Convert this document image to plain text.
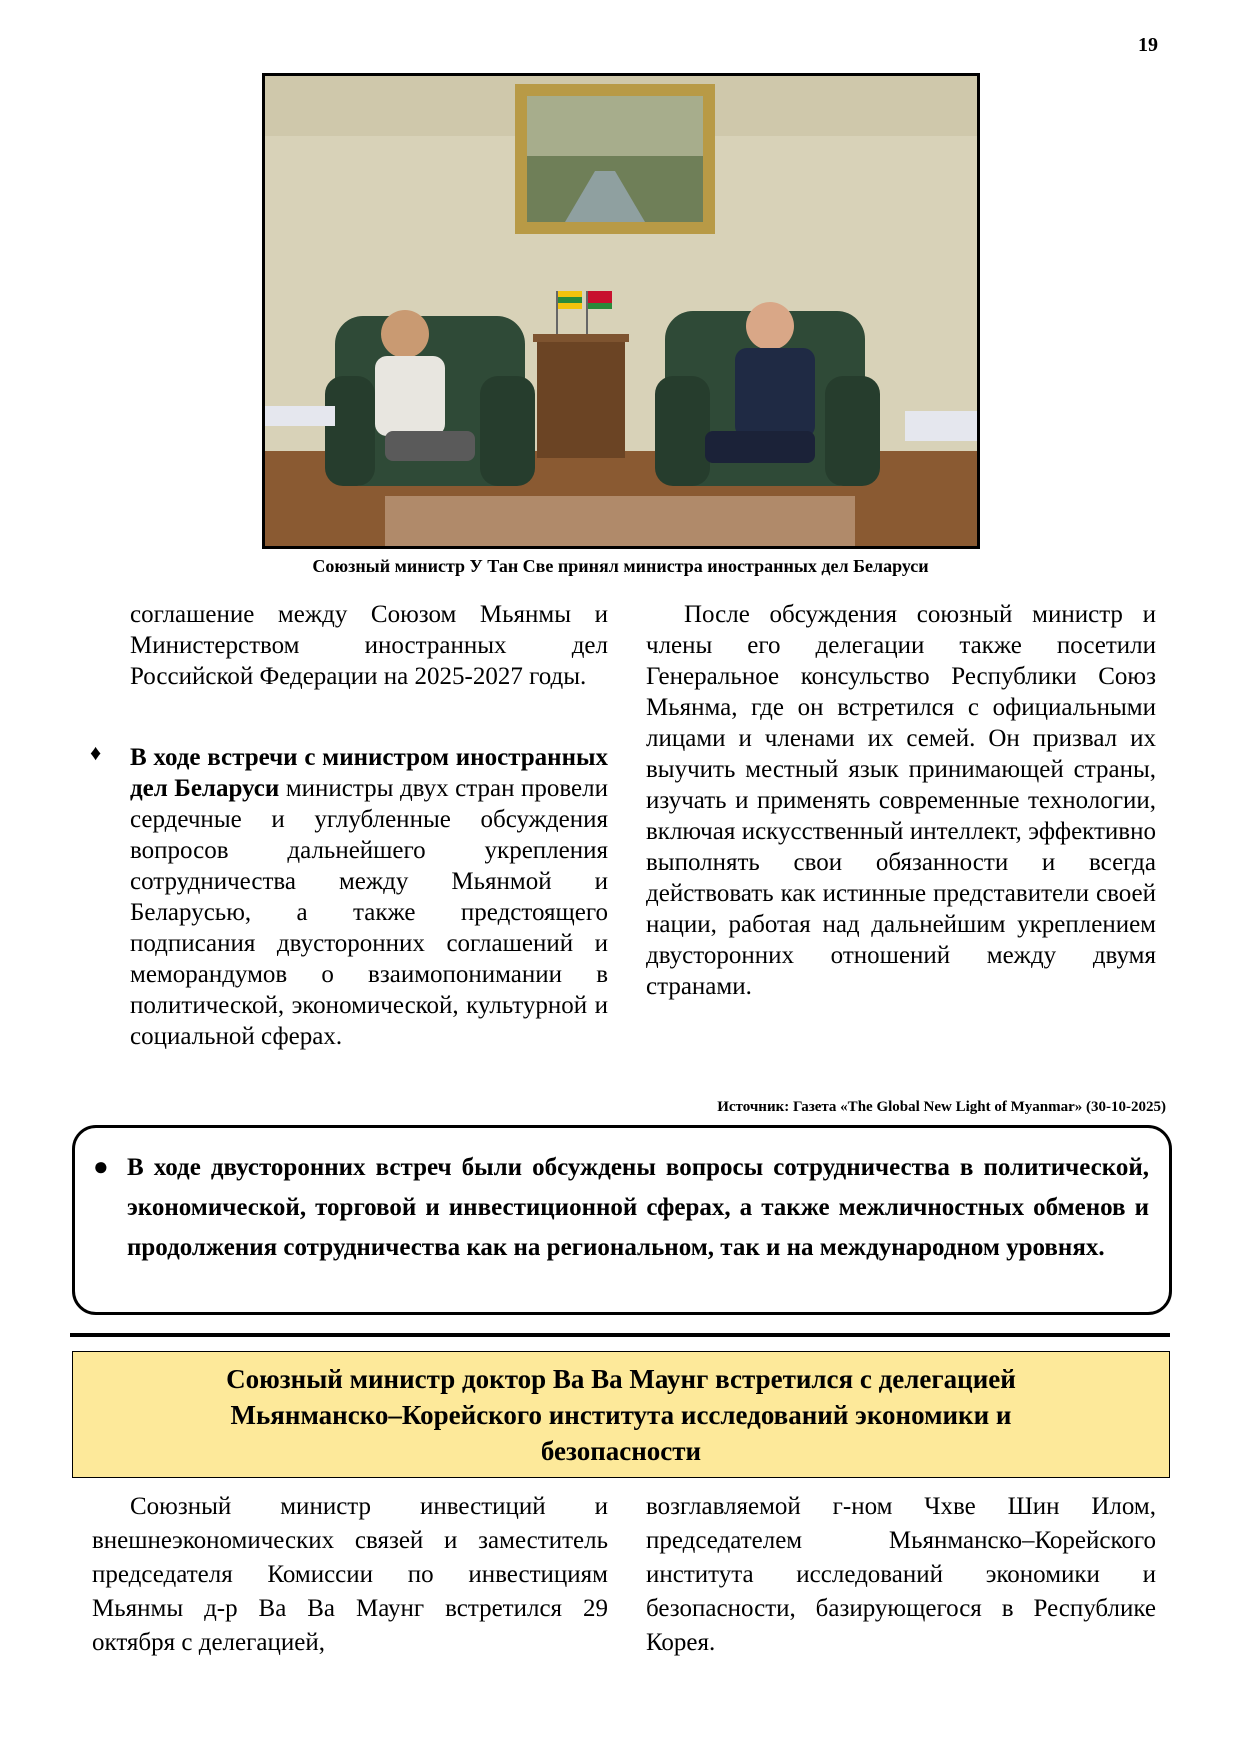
19
Союзный министр У Тан Све принял министра иностранных дел Беларуси

соглашение между Союзом Мьянмы и Министерством иностранных дел Российской Федерации на 2025-2027 годы.

♦ В ходе встречи с министром иностранных дел Беларуси министры двух стран провели сердечные и углубленные обсуждения вопросов дальнейшего укрепления сотрудничества между Мьянмой и Беларусью, а также предстоящего подписания двусторонних соглашений и меморандумов о взаимопонимании в политической, экономической, культурной и социальной сферах.

После обсуждения союзный министр и члены его делегации также посетили Генеральное консульство Республики Союз Мьянма, где он встретился с официальными лицами и членами их семей. Он призвал их выучить местный язык принимающей страны, изучать и применять современные технологии, включая искусственный интеллект, эффективно выполнять свои обязанности и всегда действовать как истинные представители своей нации, работая над дальнейшим укреплением двусторонних отношений между двумя странами.

Источник: Газета «The Global New Light of Myanmar» (30-10-2025)
● В ходе двусторонних встреч были обсуждены вопросы сотрудничества в политической, экономической, торговой и инвестиционной сферах, а также межличностных обменов и продолжения сотрудничества как на региональном, так и на международном уровнях.

Союзный министр доктор Ва Ва Маунг встретился с делегацией
Мьянманско–Корейского института исследований экономики и
безопасности

Союзный министр инвестиций и внешнеэкономических связей и заместитель председателя Комиссии по инвестициям Мьянмы д-р Ва Ва Маунг встретился 29 октября с делегацией,

возглавляемой г-ном Чхве Шин Илом, председателем Мьянманско–Корейского института исследований экономики и безопасности, базирующегося в Республике Корея.
